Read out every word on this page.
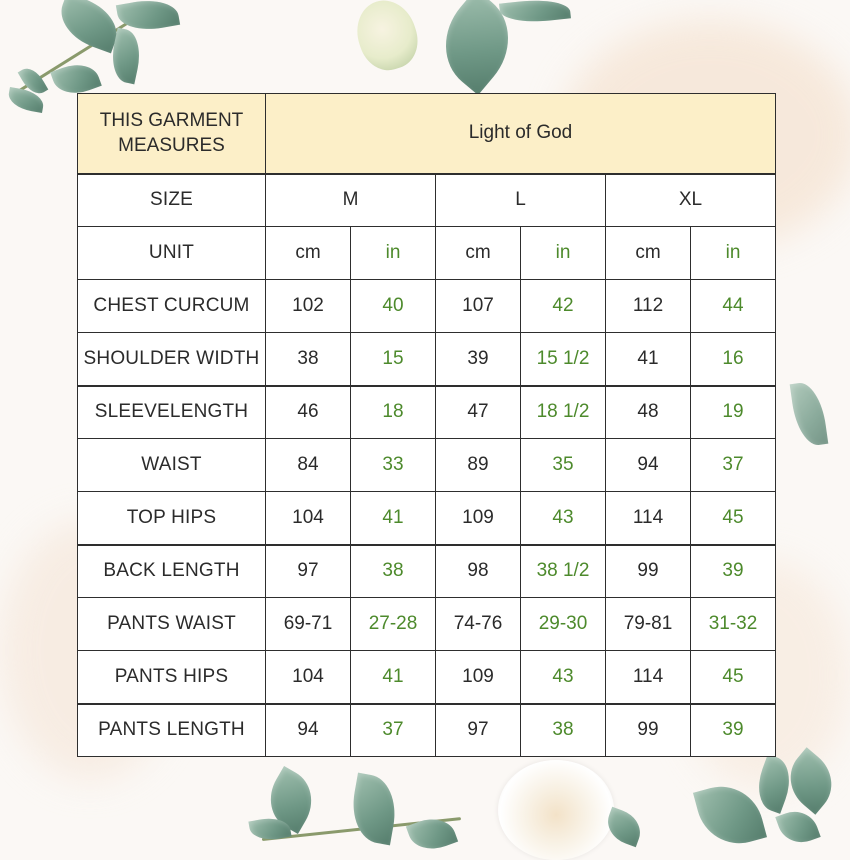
THIS GARMENT MEASURES	Light of God					
SIZE	M		L		XL	
UNIT	cm	in	cm	in	cm	in
CHEST CURCUM	102	40	107	42	112	44
SHOULDER WIDTH	38	15	39	15 1/2	41	16
SLEEVELENGTH	46	18	47	18 1/2	48	19
WAIST	84	33	89	35	94	37
TOP HIPS	104	41	109	43	114	45
BACK LENGTH	97	38	98	38 1/2	99	39
PANTS WAIST	69-71	27-28	74-76	29-30	79-81	31-32
PANTS HIPS	104	41	109	43	114	45
PANTS LENGTH	94	37	97	38	99	39
